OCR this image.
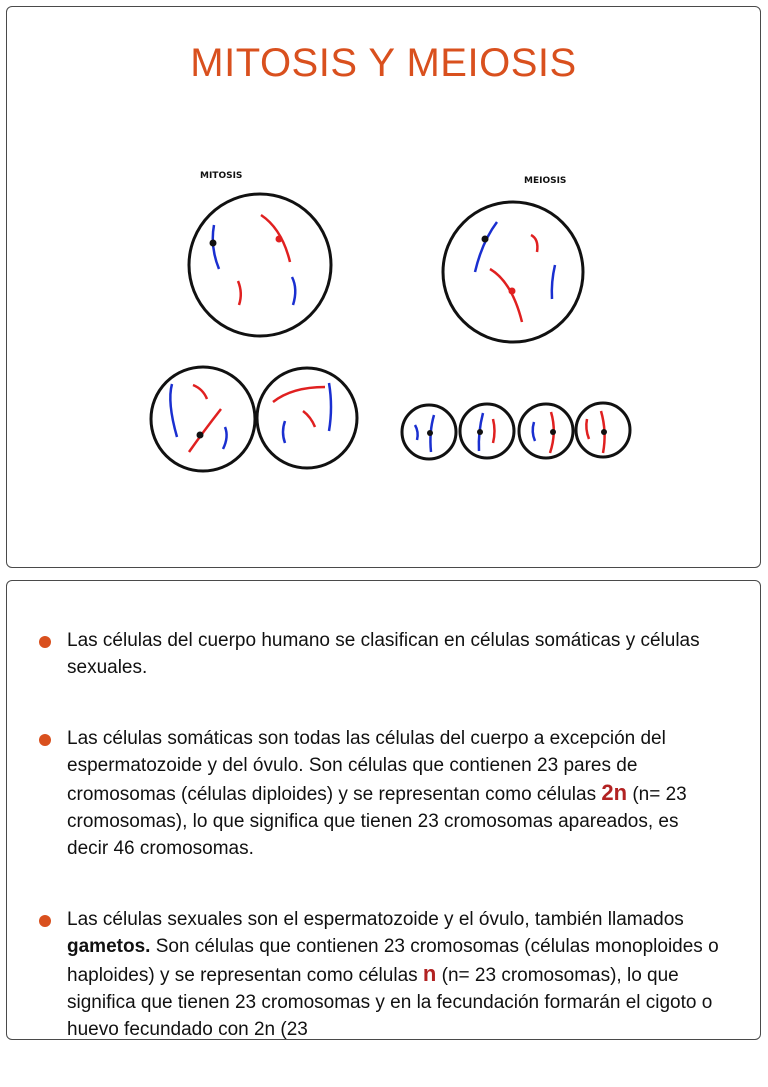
MITOSIS Y MEIOSIS
MITOSIS	MEIOSIS
Las células del cuerpo humano se clasifican en células somáticas y células sexuales.
Las células somáticas son todas las células del cuerpo a excepción del espermatozoide y del óvulo. Son células que contienen 23 pares de cromosomas (células diploides) y se representan como células 2n (n= 23 cromosomas), lo que significa que tienen 23 cromosomas apareados, es decir 46 cromosomas.
Las células sexuales son el espermatozoide y el óvulo, también llamados gametos. Son células que contienen 23 cromosomas (células monoploides o haploides) y se representan como células n (n= 23 cromosomas), lo que significa que tienen 23 cromosomas y en la fecundación formarán el cigoto o huevo fecundado con 2n (23
